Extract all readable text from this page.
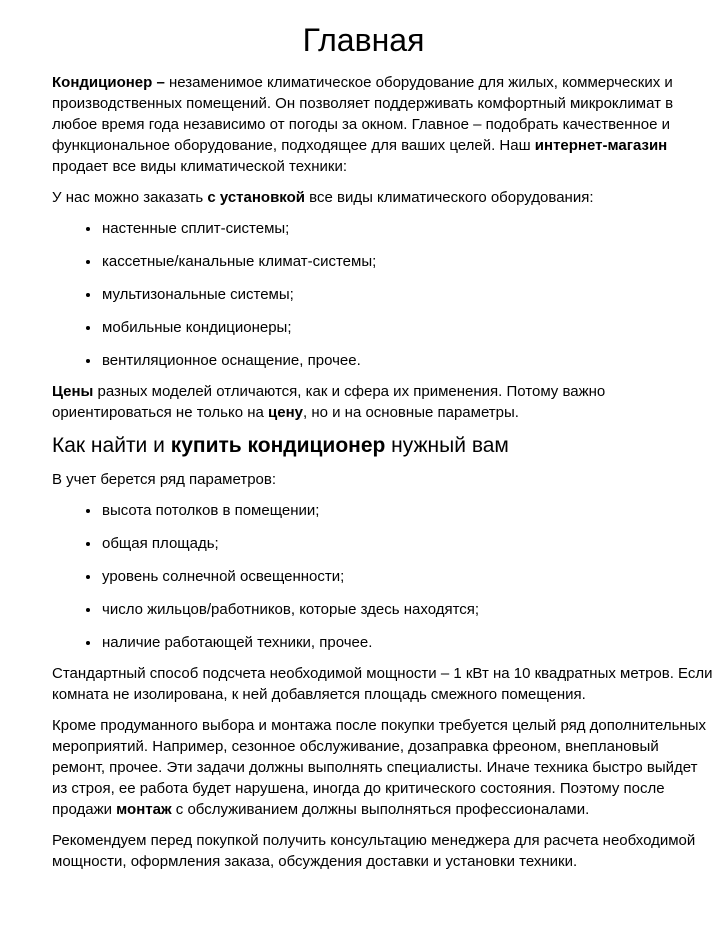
Главная

Кондиционер – незаменимое климатическое оборудование для жилых, коммерческих и производственных помещений. Он позволяет поддерживать комфортный микроклимат в любое время года независимо от погоды за окном. Главное – подобрать качественное и функциональное оборудование, подходящее для ваших целей. Наш интернет-магазин продает все виды климатической техники:

У нас можно заказать с установкой все виды климатического оборудования:

• настенные сплит-системы;
• кассетные/канальные климат-системы;
• мультизональные системы;
• мобильные кондиционеры;
• вентиляционное оснащение, прочее.

Цены разных моделей отличаются, как и сфера их применения. Потому важно ориентироваться не только на цену, но и на основные параметры.

Как найти и купить кондиционер нужный вам

В учет берется ряд параметров:

• высота потолков в помещении;
• общая площадь;
• уровень солнечной освещенности;
• число жильцов/работников, которые здесь находятся;
• наличие работающей техники, прочее.

Стандартный способ подсчета необходимой мощности – 1 кВт на 10 квадратных метров. Если комната не изолирована, к ней добавляется площадь смежного помещения.

Кроме продуманного выбора и монтажа после покупки требуется целый ряд дополнительных мероприятий. Например, сезонное обслуживание, дозаправка фреоном, внеплановый ремонт, прочее. Эти задачи должны выполнять специалисты. Иначе техника быстро выйдет из строя, ее работа будет нарушена, иногда до критического состояния. Поэтому после продажи монтаж с обслуживанием должны выполняться профессионалами.

Рекомендуем перед покупкой получить консультацию менеджера для расчета необходимой мощности, оформления заказа, обсуждения доставки и установки техники.
